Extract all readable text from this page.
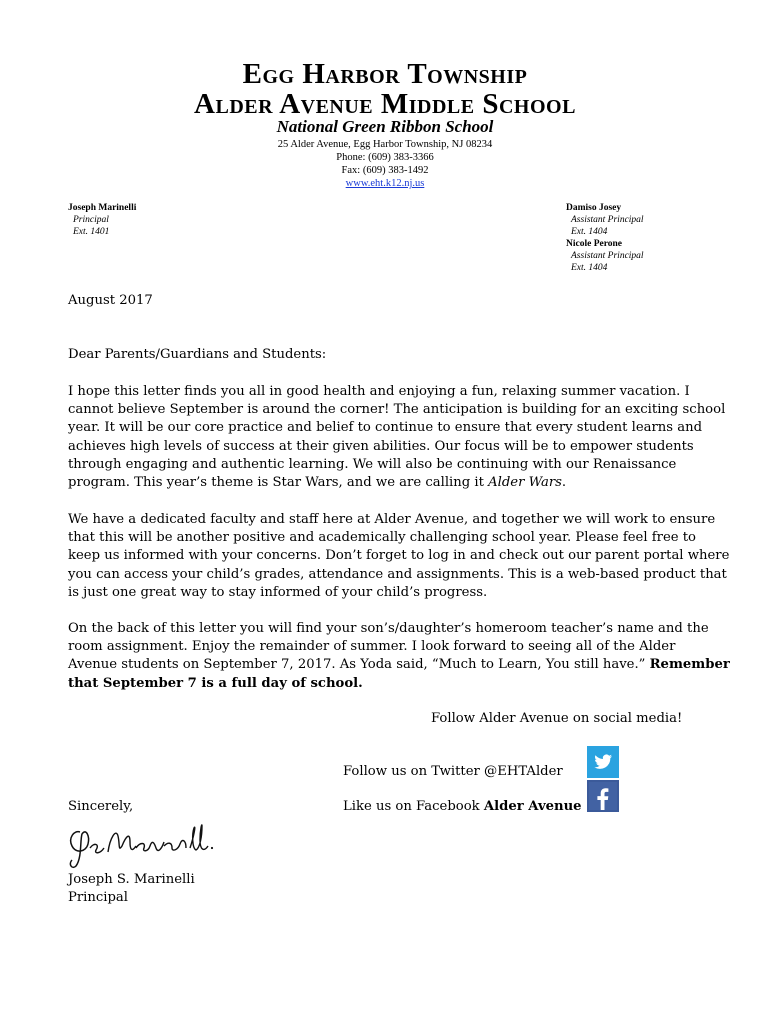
Egg Harbor Township
Alder Avenue Middle School
National Green Ribbon School
25 Alder Avenue, Egg Harbor Township, NJ 08234
Phone: (609) 383-3366
Fax: (609) 383-1492
www.eht.k12.nj.us
Joseph Marinelli
Principal
Ext. 1401
Damiso Josey
Assistant Principal
Ext. 1404
Nicole Perone
Assistant Principal
Ext. 1404
August 2017
Dear Parents/Guardians and Students:
I hope this letter finds you all in good health and enjoying a fun, relaxing summer vacation. I
cannot believe September is around the corner! The anticipation is building for an exciting school
year. It will be our core practice and belief to continue to ensure that every student learns and
achieves high levels of success at their given abilities. Our focus will be to empower students
through engaging and authentic learning. We will also be continuing with our Renaissance
program. This year’s theme is Star Wars, and we are calling it Alder Wars.
We have a dedicated faculty and staff here at Alder Avenue, and together we will work to ensure
that this will be another positive and academically challenging school year. Please feel free to
keep us informed with your concerns. Don’t forget to log in and check out our parent portal where
you can access your child’s grades, attendance and assignments. This is a web-based product that
is just one great way to stay informed of your child’s progress.
On the back of this letter you will find your son’s/daughter’s homeroom teacher’s name and the
room assignment. Enjoy the remainder of summer. I look forward to seeing all of the Alder
Avenue students on September 7, 2017. As Yoda said, “Much to Learn, You still have.” Remember
that September 7 is a full day of school.
Follow Alder Avenue on social media!
Follow us on Twitter @EHTAlder
Like us on Facebook Alder Avenue
Sincerely,
Joseph S. Marinelli
Principal
